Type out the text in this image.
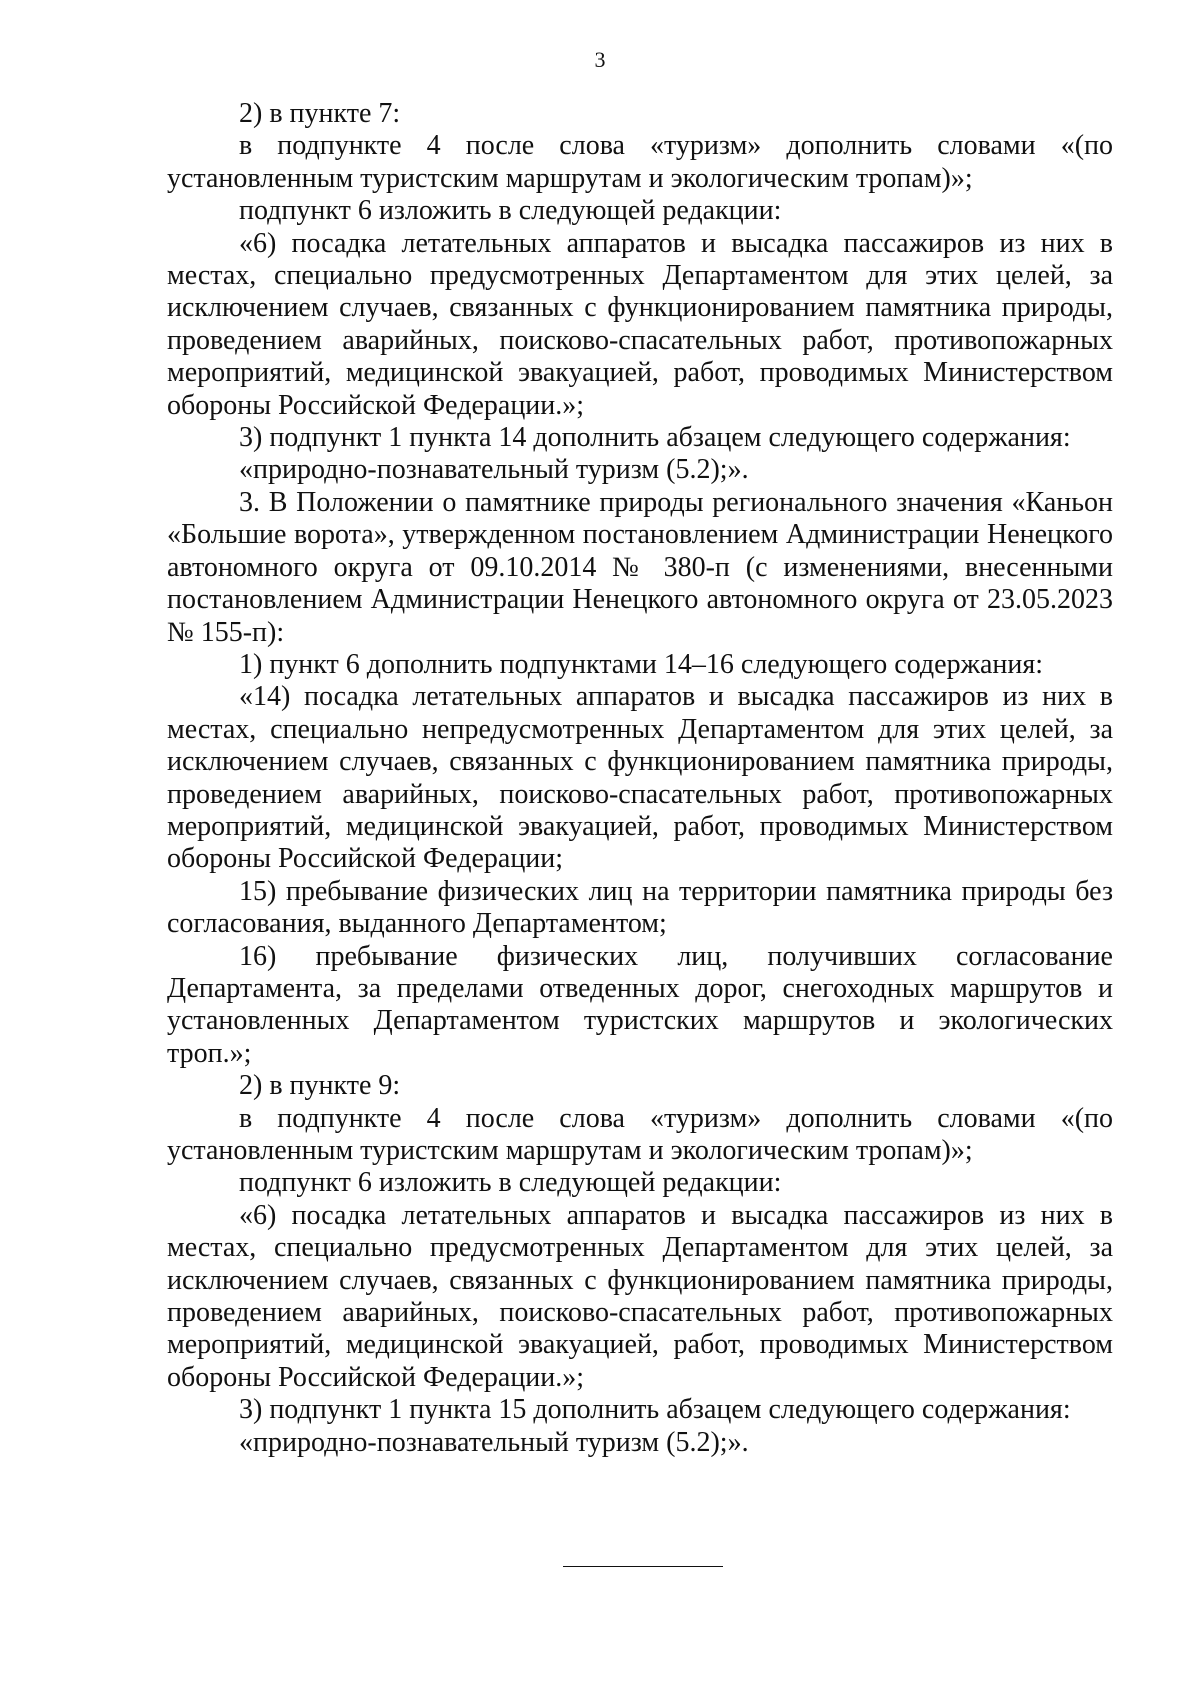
3

2) в пункте 7:

в подпункте 4 после слова «туризм» дополнить словами «(по установленным туристским маршрутам и экологическим тропам)»;

подпункт 6 изложить в следующей редакции:

«6) посадка летательных аппаратов и высадка пассажиров из них в местах, специально предусмотренных Департаментом для этих целей, за исключением случаев, связанных с функционированием памятника природы, проведением аварийных, поисково-спасательных работ, противопожарных мероприятий, медицинской эвакуацией, работ, проводимых Министерством обороны Российской Федерации.»;

3) подпункт 1 пункта 14 дополнить абзацем следующего содержания:

«природно-познавательный туризм (5.2);».

3. В Положении о памятнике природы регионального значения «Каньон «Большие ворота», утвержденном постановлением Администрации Ненецкого автономного округа от 09.10.2014 № 380-п (с изменениями, внесенными постановлением Администрации Ненецкого автономного округа от 23.05.2023 № 155-п):

1) пункт 6 дополнить подпунктами 14–16 следующего содержания:

«14) посадка летательных аппаратов и высадка пассажиров из них в местах, специально непредусмотренных Департаментом для этих целей, за исключением случаев, связанных с функционированием памятника природы, проведением аварийных, поисково-спасательных работ, противопожарных мероприятий, медицинской эвакуацией, работ, проводимых Министерством обороны Российской Федерации;

15) пребывание физических лиц на территории памятника природы без согласования, выданного Департаментом;

16) пребывание физических лиц, получивших согласование Департамента, за пределами отведенных дорог, снегоходных маршрутов и установленных Департаментом туристских маршрутов и экологических троп.»;

2) в пункте 9:

в подпункте 4 после слова «туризм» дополнить словами «(по установленным туристским маршрутам и экологическим тропам)»;

подпункт 6 изложить в следующей редакции:

«6) посадка летательных аппаратов и высадка пассажиров из них в местах, специально предусмотренных Департаментом для этих целей, за исключением случаев, связанных с функционированием памятника природы, проведением аварийных, поисково-спасательных работ, противопожарных мероприятий, медицинской эвакуацией, работ, проводимых Министерством обороны Российской Федерации.»;

3) подпункт 1 пункта 15 дополнить абзацем следующего содержания:

«природно-познавательный туризм (5.2);».
